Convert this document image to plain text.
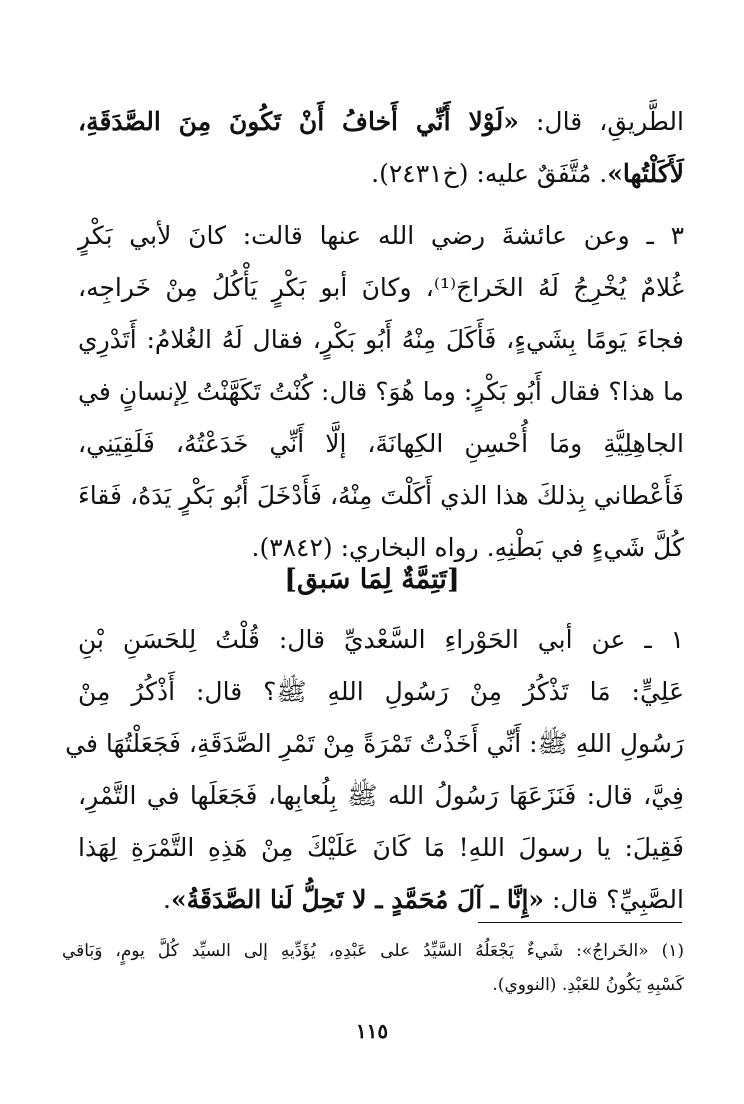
الطَّريقِ، قال: «لَوْلا أَنِّي أَخافُ أَنْ تَكُونَ مِنَ الصَّدَقَةِ،
لَأَكَلْتُها». مُتَّفَقٌ عليه: (خ٢٤٣١).
٣ ـ وعن عائشةَ رضي الله عنها قالت: كانَ لأبي بَكْرٍ
غُلامٌ يُخْرِجُ لَهُ الخَراجَ⁽¹⁾، وكانَ أبو بَكْرٍ يَأْكُلُ مِنْ خَراجِه،
فجاءَ يَومًا بِشَيءٍ، فَأَكَلَ مِنْهُ أَبُو بَكْرٍ، فقال لَهُ الغُلامُ: أَتَدْرِي
ما هذا؟ فقال أَبُو بَكْرٍ: وما هُوَ؟ قال: كُنْتُ تَكَهَّنْتُ لِإنسانٍ في
الجاهِلِيَّةِ ومَا أُحْسِنِ الكِهانَةَ، إلَّا أَنِّي خَدَعْتُهُ، فَلَقِيَنِي،
فَأَعْطاني بِذلكَ هذا الذي أَكَلْتَ مِنْهُ، فَأَدْخَلَ أَبُو بَكْرٍ يَدَهُ، فَقاءَ
كُلَّ شَيءٍ في بَطْنِهِ. رواه البخاري: (٣٨٤٢).
[تَتِمَّةٌ لِمَا سَبق]
١ ـ عن أبي الحَوْراءِ السَّعْديِّ قال: قُلْتُ لِلحَسَنِ بْنِ
عَلِيٍّ: مَا تَذْكُرُ مِنْ رَسُولِ اللهِ ﷺ؟ قال: أَذْكُرُ مِنْ
رَسُولِ اللهِ ﷺ: أَنِّي أَخَذْتُ تَمْرَةً مِنْ تَمْرِ الصَّدَقَةِ، فَجَعَلْتُهَا في
فِيَّ، قال: فَنَزَعَهَا رَسُولُ الله ﷺ بِلُعابِها، فَجَعَلَها في التَّمْرِ،
فَقِيلَ: يا رسولَ اللهِ! مَا كَانَ عَلَيْكَ مِنْ هَذِهِ التَّمْرَةِ لِهَذا
الصَّبِيِّ؟ قال: «إِنَّا ـ آلَ مُحَمَّدٍ ـ لا تَحِلُّ لَنا الصَّدَقَةُ».
(١) «الخَراجُ»: شَيءٌ يَجْعَلُهُ السَّيِّدُ على عَبْدِهِ، يُؤَدِّيهِ إلى السيِّد كُلَّ يومٍ، وَبَاقي
كَسْبِهِ يَكُونُ للعَبْدِ. (النووي).
١١٥
